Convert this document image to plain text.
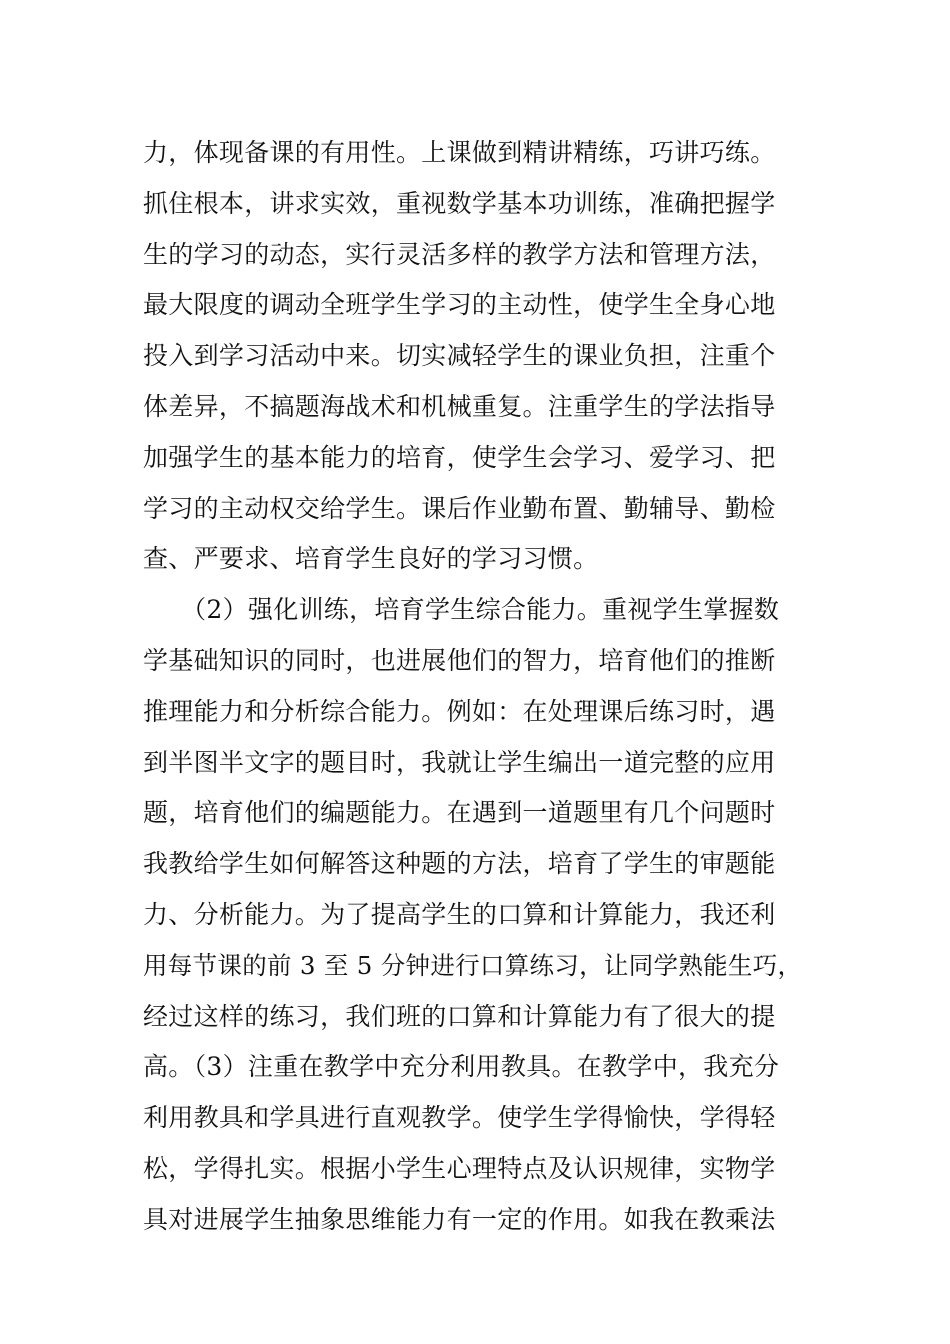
力，体现备课的有用性。上课做到精讲精练，巧讲巧练。
抓住根本，讲求实效，重视数学基本功训练，准确把握学
生的学习的动态，实行灵活多样的教学方法和管理方法，
最大限度的调动全班学生学习的主动性，使学生全身心地
投入到学习活动中来。切实减轻学生的课业负担，注重个
体差异，不搞题海战术和机械重复。注重学生的学法指导
加强学生的基本能力的培育，使学生会学习、爱学习、把
学习的主动权交给学生。课后作业勤布置、勤辅导、勤检
查、严要求、培育学生良好的学习习惯。
　　（2）强化训练，培育学生综合能力。重视学生掌握数
学基础知识的同时，也进展他们的智力，培育他们的推断
推理能力和分析综合能力。例如：在处理课后练习时，遇
到半图半文字的题目时，我就让学生编出一道完整的应用
题，培育他们的编题能力。在遇到一道题里有几个问题时
我教给学生如何解答这种题的方法，培育了学生的审题能
力、分析能力。为了提高学生的口算和计算能力，我还利
用每节课的前 3 至 5 分钟进行口算练习，让同学熟能生巧，
经过这样的练习，我们班的口算和计算能力有了很大的提
高。（3）注重在教学中充分利用教具。在教学中，我充分
利用教具和学具进行直观教学。使学生学得愉快，学得轻
松，学得扎实。根据小学生心理特点及认识规律，实物学
具对进展学生抽象思维能力有一定的作用。如我在教乘法
